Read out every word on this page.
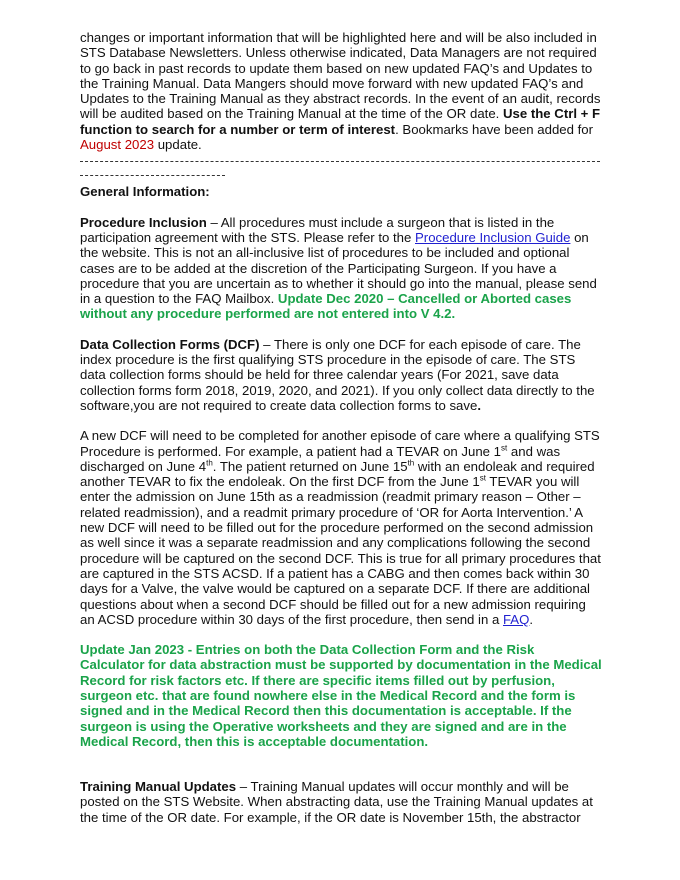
changes or important information that will be highlighted here and will be also included in STS Database Newsletters. Unless otherwise indicated, Data Managers are not required to go back in past records to update them based on new updated FAQ’s and Updates to the Training Manual. Data Mangers should move forward with new updated FAQ’s and Updates to the Training Manual as they abstract records. In the event of an audit, records will be audited based on the Training Manual at the time of the OR date. Use the Ctrl + F function to search for a number or term of interest. Bookmarks have been added for August 2023 update.

General Information:

Procedure Inclusion – All procedures must include a surgeon that is listed in the participation agreement with the STS. Please refer to the Procedure Inclusion Guide on the website. This is not an all-inclusive list of procedures to be included and optional cases are to be added at the discretion of the Participating Surgeon. If you have a procedure that you are uncertain as to whether it should go into the manual, please send in a question to the FAQ Mailbox. Update Dec 2020 – Cancelled or Aborted cases without any procedure performed are not entered into V 4.2.

Data Collection Forms (DCF) – There is only one DCF for each episode of care. The index procedure is the first qualifying STS procedure in the episode of care. The STS data collection forms should be held for three calendar years (For 2021, save data collection forms form 2018, 2019, 2020, and 2021). If you only collect data directly to the software,you are not required to create data collection forms to save.

A new DCF will need to be completed for another episode of care where a qualifying STS Procedure is performed. For example, a patient had a TEVAR on June 1st and was discharged on June 4th. The patient returned on June 15th with an endoleak and required another TEVAR to fix the endoleak. On the first DCF from the June 1st TEVAR you will enter the admission on June 15th as a readmission (readmit primary reason – Other – related readmission), and a readmit primary procedure of ‘OR for Aorta Intervention.’ A new DCF will need to be filled out for the procedure performed on the second admission as well since it was a separate readmission and any complications following the second procedure will be captured on the second DCF. This is true for all primary procedures that are captured in the STS ACSD. If a patient has a CABG and then comes back within 30 days for a Valve, the valve would be captured on a separate DCF. If there are additional questions about when a second DCF should be filled out for a new admission requiring an ACSD procedure within 30 days of the first procedure, then send in a FAQ.

Update Jan 2023 - Entries on both the Data Collection Form and the Risk Calculator for data abstraction must be supported by documentation in the Medical Record for risk factors etc. If there are specific items filled out by perfusion, surgeon etc. that are found nowhere else in the Medical Record and the form is signed and in the Medical Record then this documentation is acceptable. If the surgeon is using the Operative worksheets and they are signed and are in the Medical Record, then this is acceptable documentation.

Training Manual Updates – Training Manual updates will occur monthly and will be posted on the STS Website. When abstracting data, use the Training Manual updates at the time of the OR date. For example, if the OR date is November 15th, the abstractor
